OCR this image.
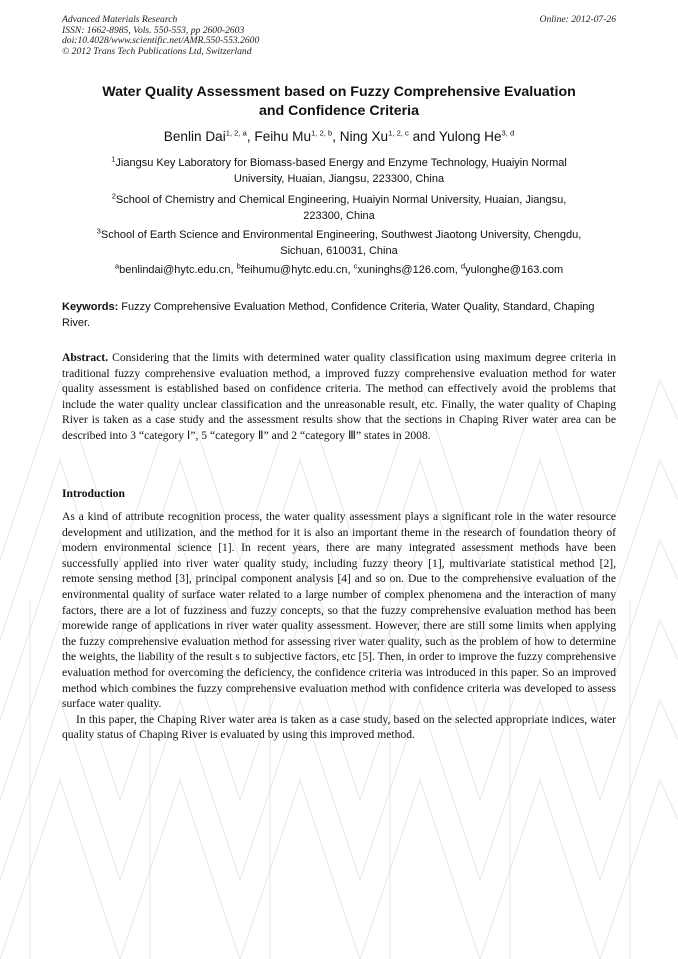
Advanced Materials Research
ISSN: 1662-8985, Vols. 550-553, pp 2600-2603
doi:10.4028/www.scientific.net/AMR.550-553.2600
© 2012 Trans Tech Publications Ltd, Switzerland
Online: 2012-07-26
Water Quality Assessment based on Fuzzy Comprehensive Evaluation
and Confidence Criteria
Benlin Dai$^{1, 2, a}$, Feihu Mu$^{1, 2, b}$, Ning Xu$^{1, 2, c}$ and Yulong He$^{3, d}$
$^1$Jiangsu Key Laboratory for Biomass-based Energy and Enzyme Technology, Huaiyin Normal
University, Huaian, Jiangsu, 223300, China
$^2$School of Chemistry and Chemical Engineering, Huaiyin Normal University, Huaian, Jiangsu,
223300, China
$^3$School of Earth Science and Environmental Engineering, Southwest Jiaotong University, Chengdu,
Sichuan, 610031, China
$^a$benlindai@hytc.edu.cn, $^b$feihumu@hytc.edu.cn, $^c$xuninghs@126.com, $^d$yulonghe@163.com
Keywords: Fuzzy Comprehensive Evaluation Method, Confidence Criteria, Water Quality, Standard, Chaping River.

Abstract. Considering that the limits with determined water quality classification using maximum degree criteria in traditional fuzzy comprehensive evaluation method, a improved fuzzy comprehensive evaluation method for water quality assessment is established based on confidence criteria. The method can effectively avoid the problems that include the water quality unclear classification and the unreasonable result, etc. Finally, the water quality of Chaping River is taken as a case study and the assessment results show that the sections in Chaping River water area can be described into 3 “category Ⅰ”, 5 “category Ⅱ” and 2 “category Ⅲ” states in 2008.

Introduction

As a kind of attribute recognition process, the water quality assessment plays a significant role in the water resource development and utilization, and the method for it is also an important theme in the research of foundation theory of modern environmental science [1]. In recent years, there are many integrated assessment methods have been successfully applied into river water quality study, including fuzzy theory [1], multivariate statistical method [2], remote sensing method [3], principal component analysis [4] and so on. Due to the comprehensive evaluation of the environmental quality of surface water related to a large number of complex phenomena and the interaction of many factors, there are a lot of fuzziness and fuzzy concepts, so that the fuzzy comprehensive evaluation method has been morewide range of applications in river water quality assessment. However, there are still some limits when applying the fuzzy comprehensive evaluation method for assessing river water quality, such as the problem of how to determine the weights, the liability of the result s to subjective factors, etc [5]. Then, in order to improve the fuzzy comprehensive evaluation method for overcoming the deficiency, the confidence criteria was introduced in this paper. So an improved method which combines the fuzzy comprehensive evaluation method with confidence criteria was developed to assess surface water quality.

In this paper, the Chaping River water area is taken as a case study, based on the selected appropriate indices, water quality status of Chaping River is evaluated by using this improved method.
